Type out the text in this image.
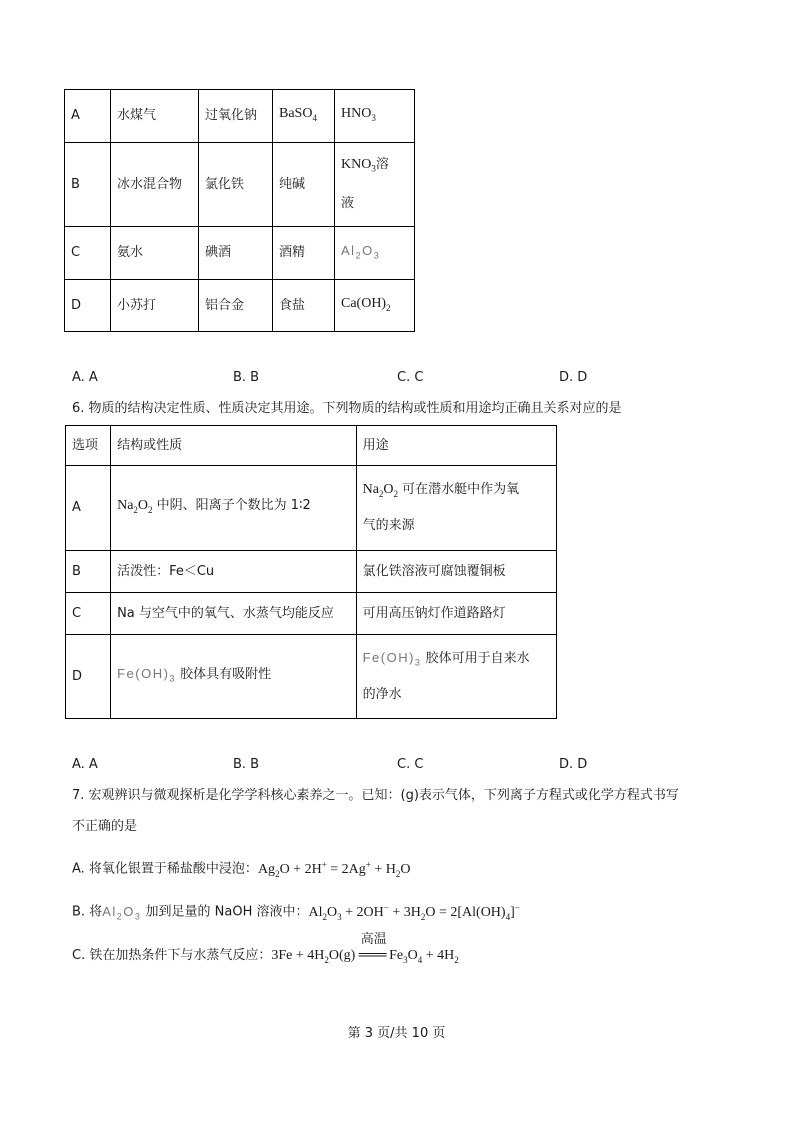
A	水煤气	过氧化钠	BaSO$_4$	$HNO_3$
B	冰水混合物	氯化铁	纯碱	$KNO_3$溶
液
C	氨水	碘酒	酒精	$Al_2O_3$
D	小苏打	铝合金	食盐	$Ca(OH)_2$
A. A	B. B	C. C	D. D
6. 物质的结构决定性质、性质决定其用途。下列物质的结构或性质和用途均正确且关系对应的是
选项	结构或性质	用途
A	$Na_2O_2$ 中阴、阳离子个数比为 1∶2	$Na_2O_2$ 可在潜水艇中作为氧
气的来源
B	活泼性：Fe＜Cu	氯化铁溶液可腐蚀覆铜板
C	Na 与空气中的氧气、水蒸气均能反应	可用高压钠灯作道路路灯
D	$Fe(OH)_3$ 胶体具有吸附性	$Fe(OH)_3$ 胶体可用于自来水
的净水
A. A	B. B	C. C	D. D
7. 宏观辨识与微观探析是化学学科核心素养之一。已知：(g)表示气体，下列离子方程式或化学方程式书写
不正确的是
A. 将氧化银置于稀盐酸中浸泡：$Ag_2O + 2H^+ = 2Ag^+ + H_2O$
B. 将$Al_2O_3$ 加到足量的 NaOH 溶液中：$Al_2O_3 + 2OH^- + 3H_2O = 2[Al(OH)_4]^-$
C. 铁在加热条件下与水蒸气反应：$3Fe + 4H_2O(g)$
高温
═══ $Fe_3O_4 + 4H_2$
第 3 页/共 10 页
